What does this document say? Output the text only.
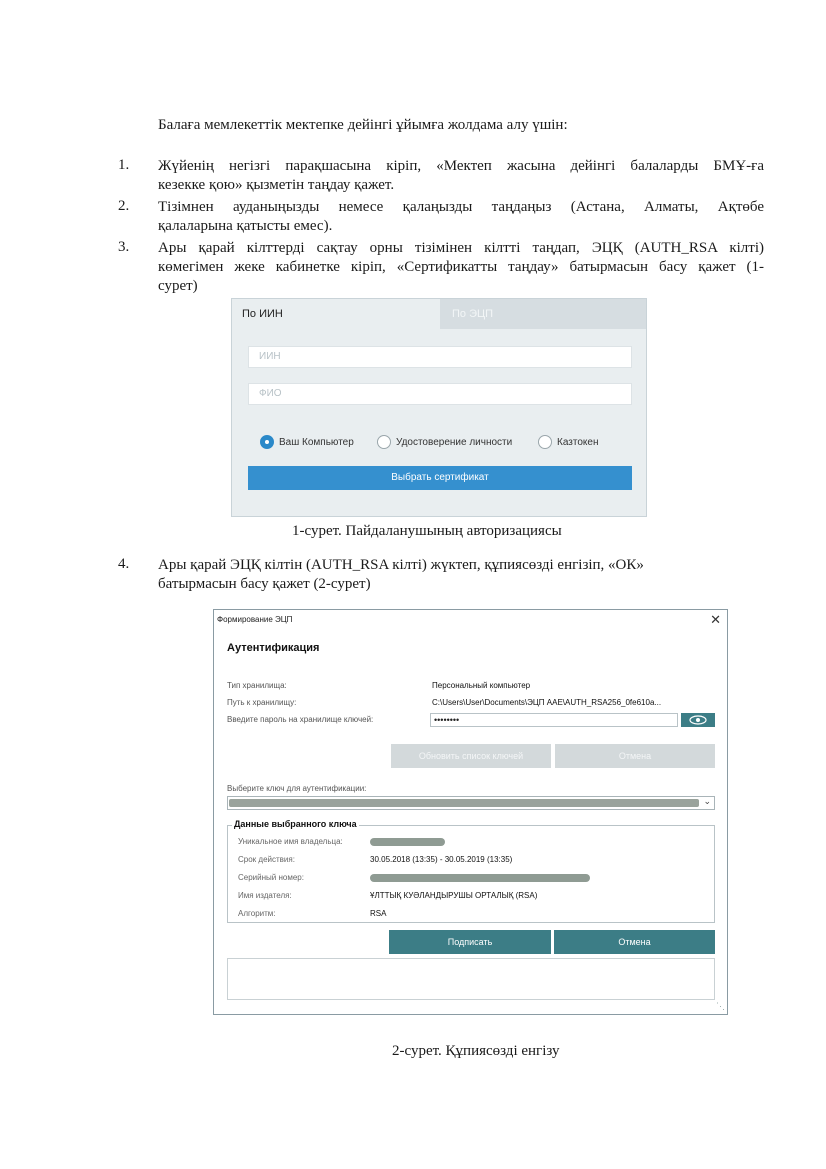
Балаға мемлекеттік мектепке дейінгі ұйымға жолдама алу үшін:
1. Жүйенің негізгі парақшасына кіріп, «Мектеп жасына дейінгі балаларды БМҰ-ға
кезекке қою» қызметін таңдау қажет.
2. Тізімнен ауданыңызды немесе қалаңызды таңдаңыз (Астана, Алматы, Ақтөбе
қалаларына қатысты емес).
3. Ары қарай кілттерді сақтау орны тізімінен кілтті таңдап, ЭЦҚ (AUTH_RSA кілті)
көмегімен жеке кабинетке кіріп, «Сертификатты таңдау» батырмасын басу қажет (1-
сурет)
По ИИН	По ЭЦП
ИИН
ФИО
Ваш Компьютер	Удостоверение личности	Казтокен
Выбрать сертификат
1-сурет. Пайдаланушының авторизациясы
4. Ары қарай ЭЦҚ кілтін (AUTH_RSA кілті) жүктеп, құпиясөзді енгізіп, «ОК»
батырмасын басу қажет (2-сурет)
Формирование ЭЦП	✕
Аутентификация
Тип хранилища:	Персональный компьютер
Путь к хранилищу:	C:\Users\User\Documents\ЭЦП ААЕ\AUTH_RSA256_0fe610a...
Введите пароль на хранилище ключей:	••••••••
Обновить список ключей	Отмена
Выберите ключ для аутентификации:
⌄
Данные выбранного ключа
Уникальное имя владельца:
Срок действия:	30.05.2018 (13:35) - 30.05.2019 (13:35)
Серийный номер:
Имя издателя:	ҰЛТТЫҚ КУӘЛАНДЫРУШЫ ОРТАЛЫҚ (RSA)
Алгоритм:	RSA
Подписать	Отмена
⋱
2-сурет. Құпиясөзді енгізу
